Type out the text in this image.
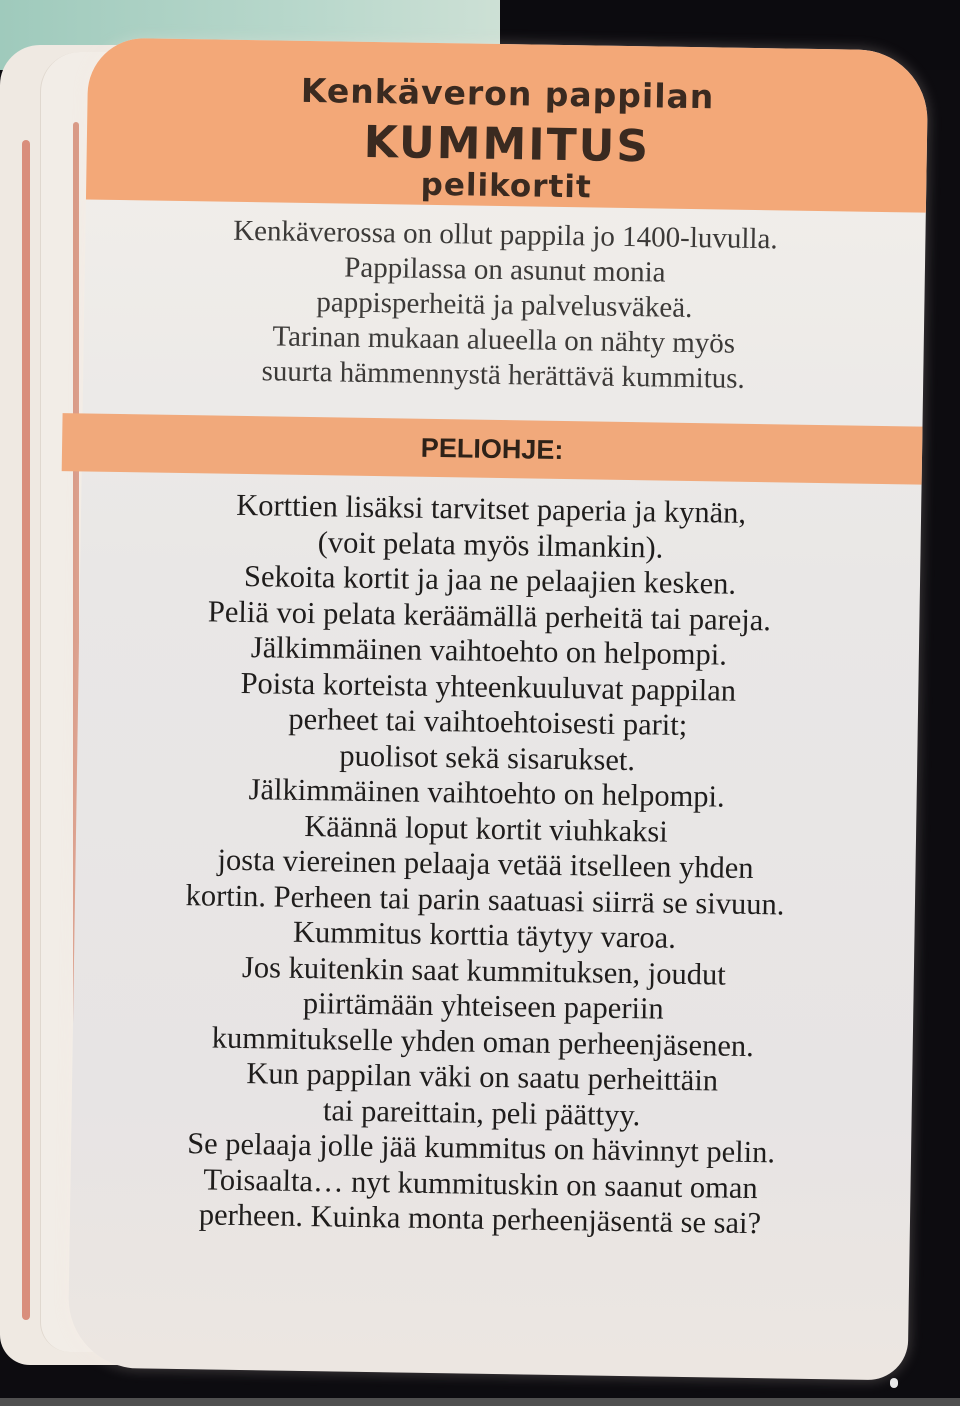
Kenkäveron pappilan
KUMMITUS
pelikortit
Kenkäverossa on ollut pappila jo 1400-luvulla.
Pappilassa on asunut monia
pappisperheitä ja palvelusväkeä.
Tarinan mukaan alueella on nähty myös
suurta hämmennystä herättävä kummitus.
PELIOHJE:
Korttien lisäksi tarvitset paperia ja kynän,
(voit pelata myös ilmankin).
Sekoita kortit ja jaa ne pelaajien kesken.
Peliä voi pelata keräämällä perheitä tai pareja.
Jälkimmäinen vaihtoehto on helpompi.
Poista korteista yhteenkuuluvat pappilan
perheet tai vaihtoehtoisesti parit;
puolisot sekä sisarukset.
Jälkimmäinen vaihtoehto on helpompi.
Käännä loput kortit viuhkaksi
josta viereinen pelaaja vetää itselleen yhden
kortin. Perheen tai parin saatuasi siirrä se sivuun.
Kummitus korttia täytyy varoa.
Jos kuitenkin saat kummituksen, joudut
piirtämään yhteiseen paperiin
kummitukselle yhden oman perheenjäsenen.
Kun pappilan väki on saatu perheittäin
tai pareittain, peli päättyy.
Se pelaaja jolle jää kummitus on hävinnyt pelin.
Toisaalta… nyt kummituskin on saanut oman
perheen. Kuinka monta perheenjäsentä se sai?
